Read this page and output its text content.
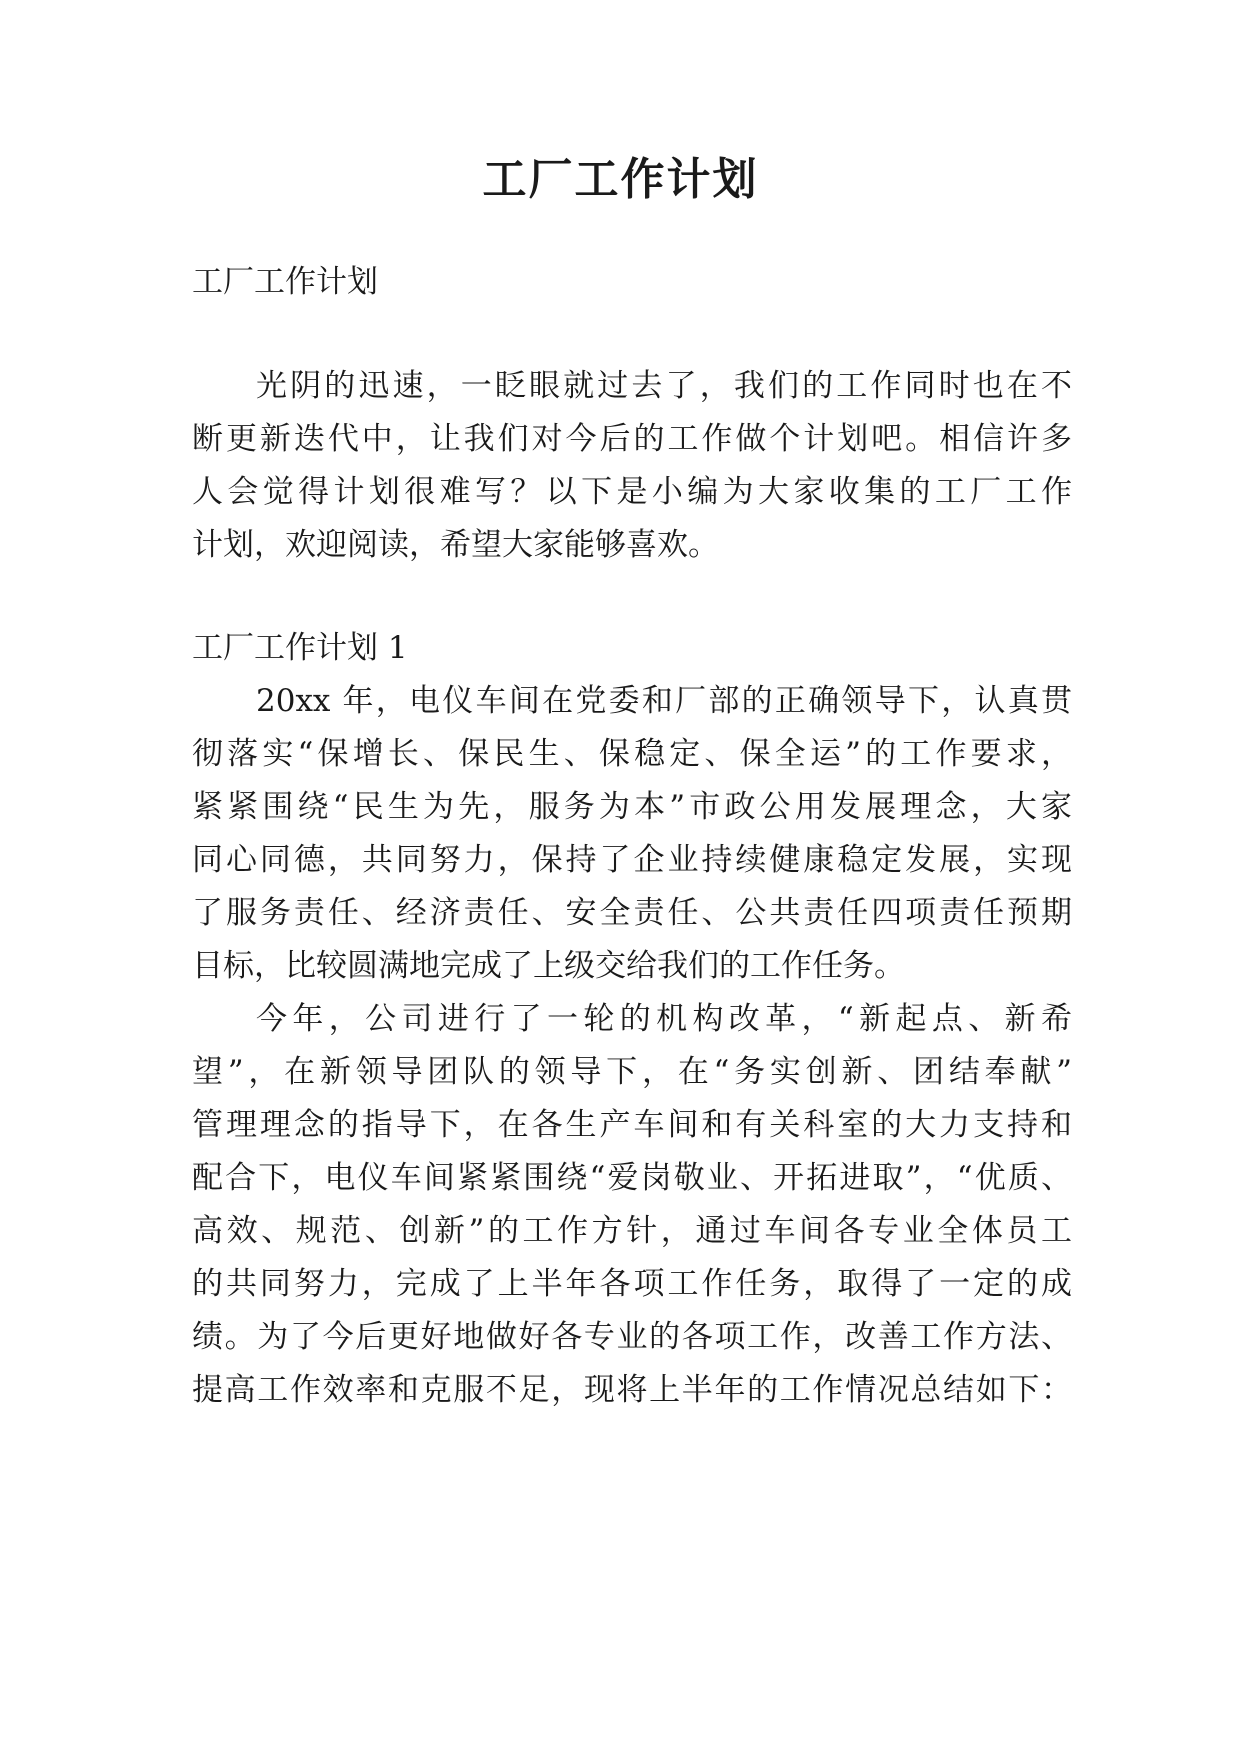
工厂工作计划

工厂工作计划

光阴的迅速，一眨眼就过去了，我们的工作同时也在不

断更新迭代中，让我们对今后的工作做个计划吧。相信许多

人会觉得计划很难写？以下是小编为大家收集的工厂工作

计划，欢迎阅读，希望大家能够喜欢。

工厂工作计划 1

20xx 年，电仪车间在党委和厂部的正确领导下，认真贯

彻落实“保增长、保民生、保稳定、保全运”的工作要求，

紧紧围绕“民生为先，服务为本”市政公用发展理念，大家

同心同德，共同努力，保持了企业持续健康稳定发展，实现

了服务责任、经济责任、安全责任、公共责任四项责任预期

目标，比较圆满地完成了上级交给我们的工作任务。

今年，公司进行了一轮的机构改革，“新起点、新希

望”，在新领导团队的领导下，在“务实创新、团结奉献”

管理理念的指导下，在各生产车间和有关科室的大力支持和

配合下，电仪车间紧紧围绕“爱岗敬业、开拓进取”，“优质、

高效、规范、创新”的工作方针，通过车间各专业全体员工

的共同努力，完成了上半年各项工作任务，取得了一定的成

绩。为了今后更好地做好各专业的各项工作，改善工作方法、

提高工作效率和克服不足，现将上半年的工作情况总结如下：
